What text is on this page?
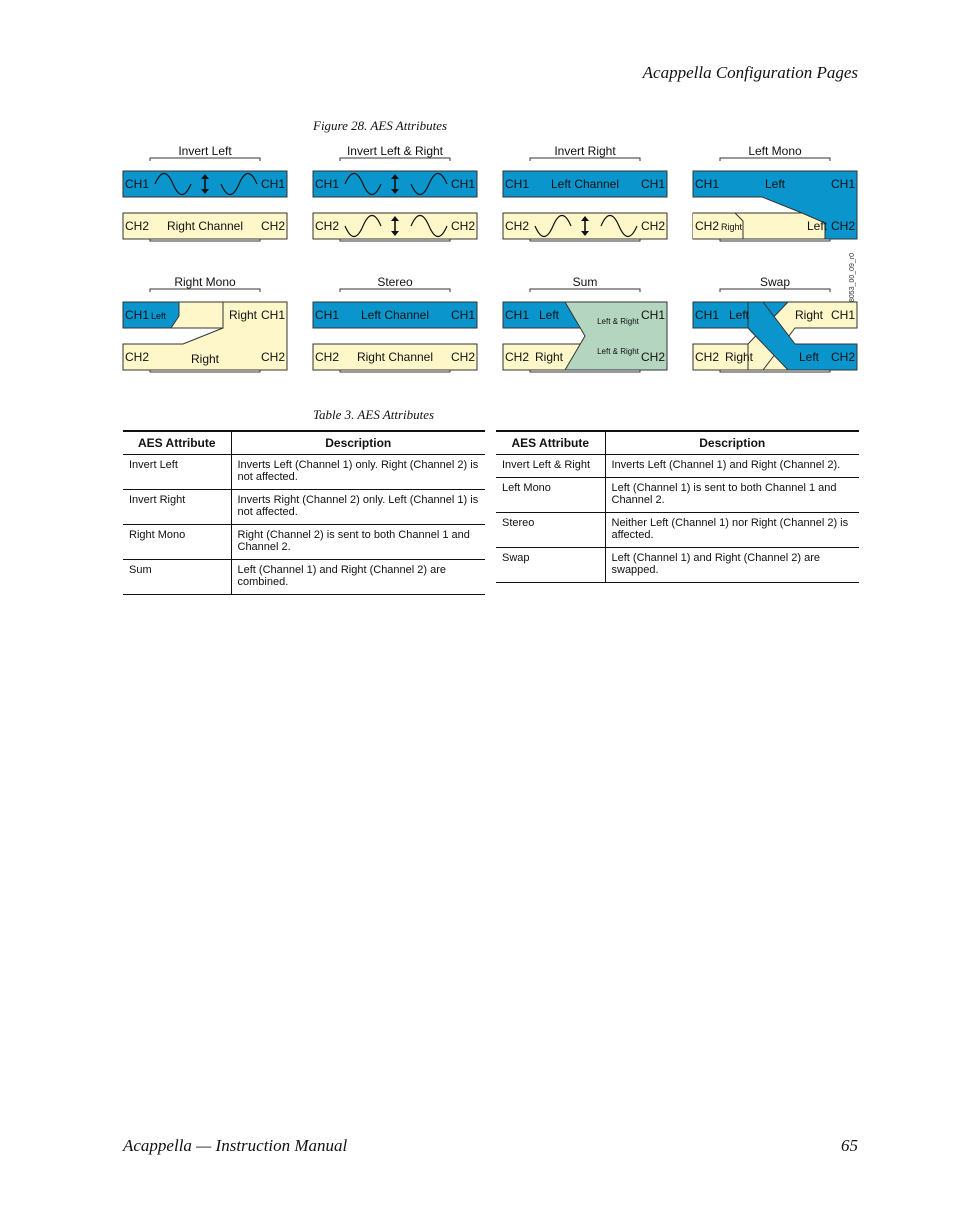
Acappella Configuration Pages
Figure 28. AES Attributes
Invert Left
CH1	CH1
CH2	CH2
Right Channel
Invert Left & Right
CH1	CH1
CH2	CH2
Invert Right
CH1	CH1
CH2	CH2
Left Channel
Left Mono
CH1	CH1
CH2	CH2
Left
Right	Left
Right Mono
CH1	CH1
CH2	CH2
Left	Right
Right
Stereo
CH1	CH1
CH2	CH2
Left Channel
Right Channel
Sum
CH1	CH1
CH2	CH2
Left
Right
Left & Right
Left & Right
Swap
CH1	CH1
CH2	CH2
Left
Right
Right
Left
8053_00_09_r0
Table 3. AES Attributes
AES Attribute	Description
Invert Left	Inverts Left (Channel 1) only. Right (Channel 2) is not affected.
Invert Right	Inverts Right (Channel 2) only. Left (Channel 1) is not affected.
Right Mono	Right (Channel 2) is sent to both Channel 1 and Channel 2.
Sum	Left (Channel 1) and Right (Channel 2) are combined.
AES Attribute	Description
Invert Left & Right	Inverts Left (Channel 1) and Right (Channel 2).
Left Mono	Left (Channel 1) is sent to both Channel 1 and Channel 2.
Stereo	Neither Left (Channel 1) nor Right (Channel 2) is affected.
Swap	Left (Channel 1) and Right (Channel 2) are swapped.
Acappella — Instruction Manual	65
